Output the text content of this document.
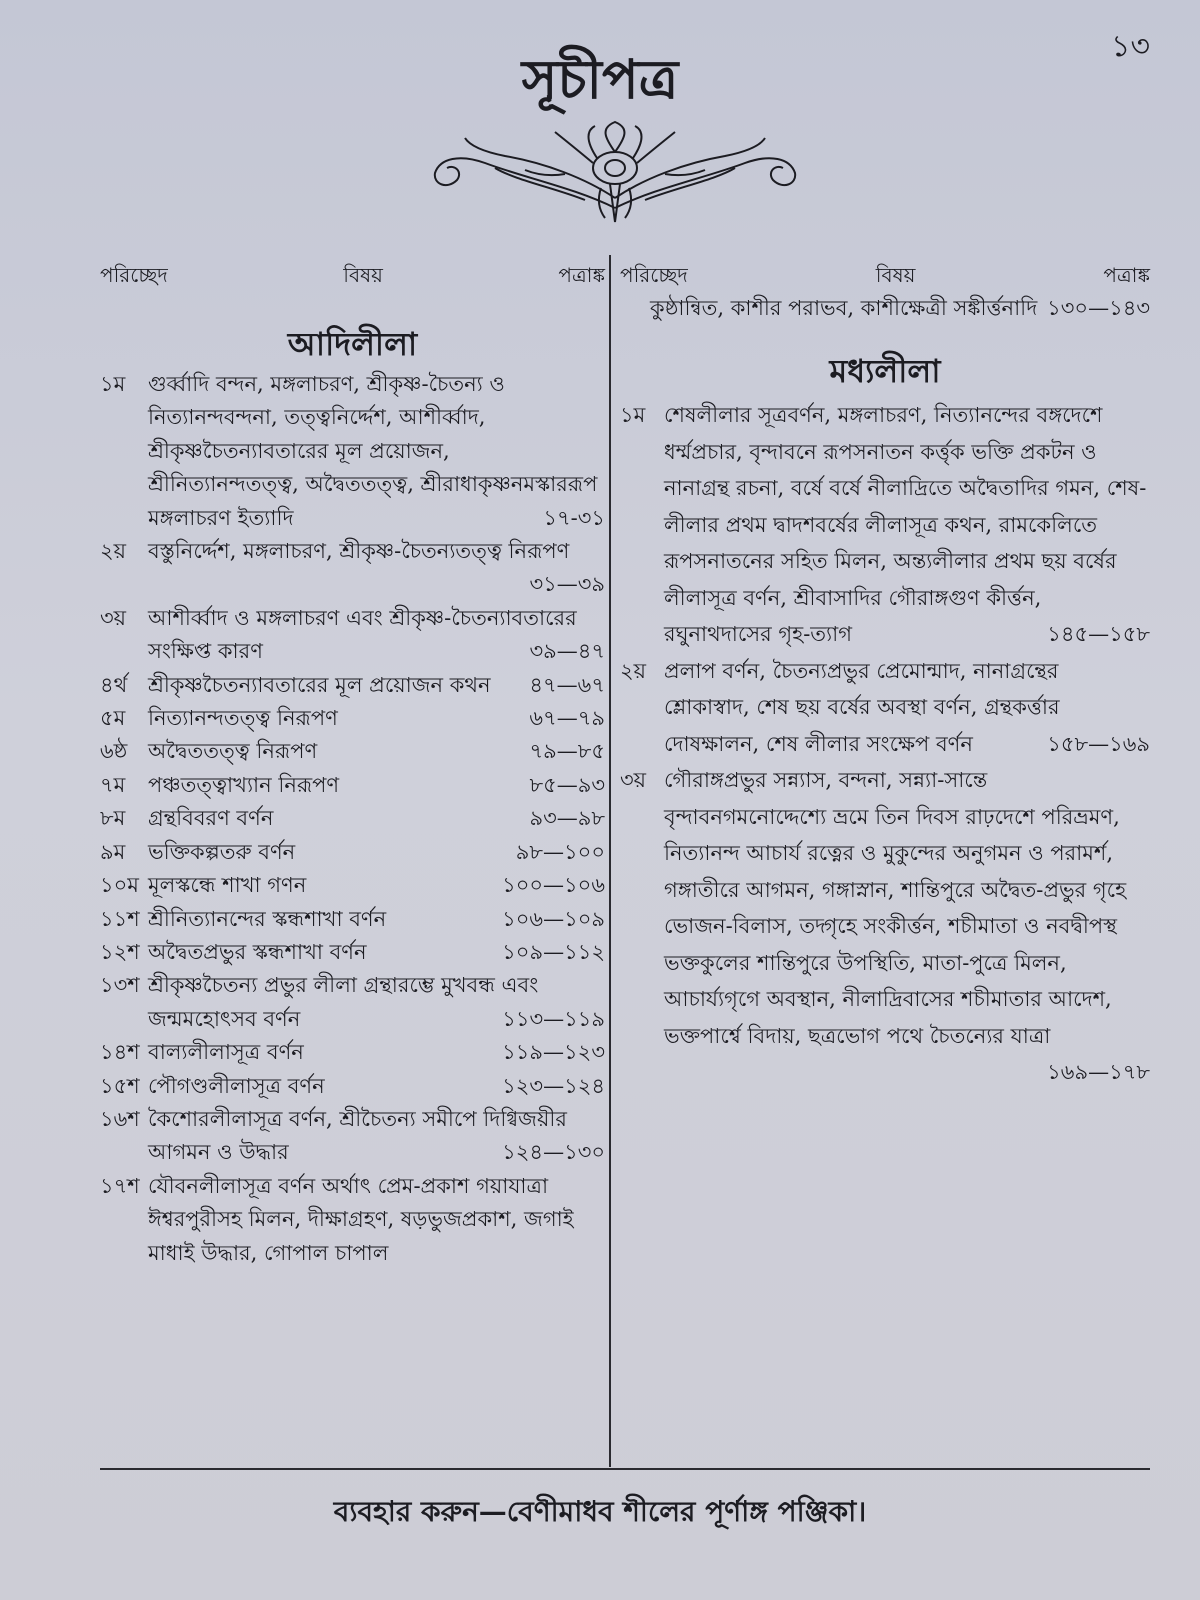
১৩

সূচীপত্র
পরিচ্ছেদ	বিষয়	পত্রাঙ্ক
আদিলীলা
১ম	গুর্ব্বাদি বন্দন, মঙ্গলাচরণ, শ্রীকৃষ্ণ-চৈতন্য ও নিত্যানন্দবন্দনা, তত্ত্বনির্দ্দেশ, আশীর্ব্বাদ, শ্রীকৃষ্ণচৈতন্যাবতারের মূল প্রয়োজন, শ্রীনিত্যানন্দতত্ত্ব, অদ্বৈততত্ত্ব, শ্রীরাধাকৃষ্ণনমস্কাররূপ মঙ্গলাচরণ ইত্যাদি	১৭-৩১
২য়	বস্তুনির্দ্দেশ, মঙ্গলাচরণ, শ্রীকৃষ্ণ-চৈতন্যতত্ত্ব নিরূপণ
৩১—৩৯
৩য়	আশীর্ব্বাদ ও মঙ্গলাচরণ এবং শ্রীকৃষ্ণ-চৈতন্যাবতারের সংক্ষিপ্ত কারণ	৩৯—৪৭
৪র্থ শ্রীকৃষ্ণচৈতন্যাবতারের মূল প্রয়োজন কথন	৪৭—৬৭
৫ম	নিত্যানন্দতত্ত্ব নিরূপণ	৬৭—৭৯
৬ষ্ঠ অদ্বৈততত্ত্ব নিরূপণ	৭৯—৮৫
৭ম	পঞ্চতত্ত্বাখ্যান নিরূপণ	৮৫—৯৩
৮ম	গ্রন্থবিবরণ বর্ণন	৯৩—৯৮
৯ম	ভক্তিকল্পতরু বর্ণন	৯৮—১০০
১০ম মূলস্কন্ধে শাখা গণন	১০০—১০৬
১১শ শ্রীনিত্যানন্দের স্কন্ধশাখা বর্ণন	১০৬—১০৯
১২শ অদ্বৈতপ্রভুর স্কন্ধশাখা বর্ণন	১০৯—১১২
১৩শ শ্রীকৃষ্ণচৈতন্য প্রভুর লীলা গ্রন্থারম্ভে মুখবন্ধ এবং জন্মমহোৎসব বর্ণন	১১৩—১১৯
১৪শ বাল্যলীলাসূত্র বর্ণন	১১৯—১২৩
১৫শ পৌগণ্ডলীলাসূত্র বর্ণন	১২৩—১২৪
১৬শ কৈশোরলীলাসূত্র বর্ণন, শ্রীচৈতন্য সমীপে দিগ্বিজয়ীর আগমন ও উদ্ধার	১২৪—১৩০
১৭শ যৌবনলীলাসূত্র বর্ণন অর্থাৎ প্রেম-প্রকাশ গয়াযাত্রা ঈশ্বরপুরীসহ মিলন, দীক্ষাগ্রহণ, ষড়ভুজপ্রকাশ, জগাই মাধাই উদ্ধার, গোপাল চাপাল
পরিচ্ছেদ	বিষয়	পত্রাঙ্ক
কুষ্ঠান্বিত, কাশীর পরাভব, কাশীক্ষেত্রী সঙ্কীর্ত্তনাদি ১৩০—১৪৩
মধ্যলীলা
১ম শেষলীলার সূত্রবর্ণন, মঙ্গলাচরণ, নিত্যানন্দের বঙ্গদেশে ধর্ম্মপ্রচার, বৃন্দাবনে রূপসনাতন কর্ত্তৃক ভক্তি প্রকটন ও নানাগ্রন্থ রচনা, বর্ষে বর্ষে নীলাদ্রিতে অদ্বৈতাদির গমন, শেষ-লীলার প্রথম দ্বাদশবর্ষের লীলাসূত্র কথন, রামকেলিতে রূপসনাতনের সহিত মিলন, অন্ত্যলীলার প্রথম ছয় বর্ষের লীলাসূত্র বর্ণন, শ্রীবাসাদির গৌরাঙ্গগুণ কীর্ত্তন, রঘুনাথদাসের গৃহ-ত্যাগ	১৪৫—১৫৮
২য় প্রলাপ বর্ণন, চৈতন্যপ্রভুর প্রেমোন্মাদ, নানাগ্রন্থের শ্লোকাস্বাদ, শেষ ছয় বর্ষের অবস্থা বর্ণন, গ্রন্থকর্ত্তার দোষক্ষালন, শেষ লীলার সংক্ষেপ বর্ণন	১৫৮—১৬৯
৩য় গৌরাঙ্গপ্রভুর সন্ন্যাস, বন্দনা, সন্ন্যা-সান্তে বৃন্দাবনগমনোদ্দেশ্যে ভ্রমে তিন দিবস রাঢ়দেশে পরিভ্রমণ, নিত্যানন্দ আচার্য রত্নের ও মুকুন্দের অনুগমন ও পরামর্শ, গঙ্গাতীরে আগমন, গঙ্গাস্নান, শান্তিপুরে অদ্বৈত-প্রভুর গৃহে ভোজন-বিলাস, তদ্গৃহে সংকীর্ত্তন, শচীমাতা ও নবদ্বীপস্থ ভক্তকুলের শান্তিপুরে উপস্থিতি, মাতা-পুত্রে মিলন, আচার্য্যগৃগে অবস্থান, নীলাদ্রিবাসের শচীমাতার আদেশ, ভক্তপার্শ্বে বিদায়, ছত্রভোগ পথে চৈতন্যের যাত্রা
১৬৯—১৭৮

ব্যবহার করুন—বেণীমাধব শীলের পূর্ণাঙ্গ পঞ্জিকা।
